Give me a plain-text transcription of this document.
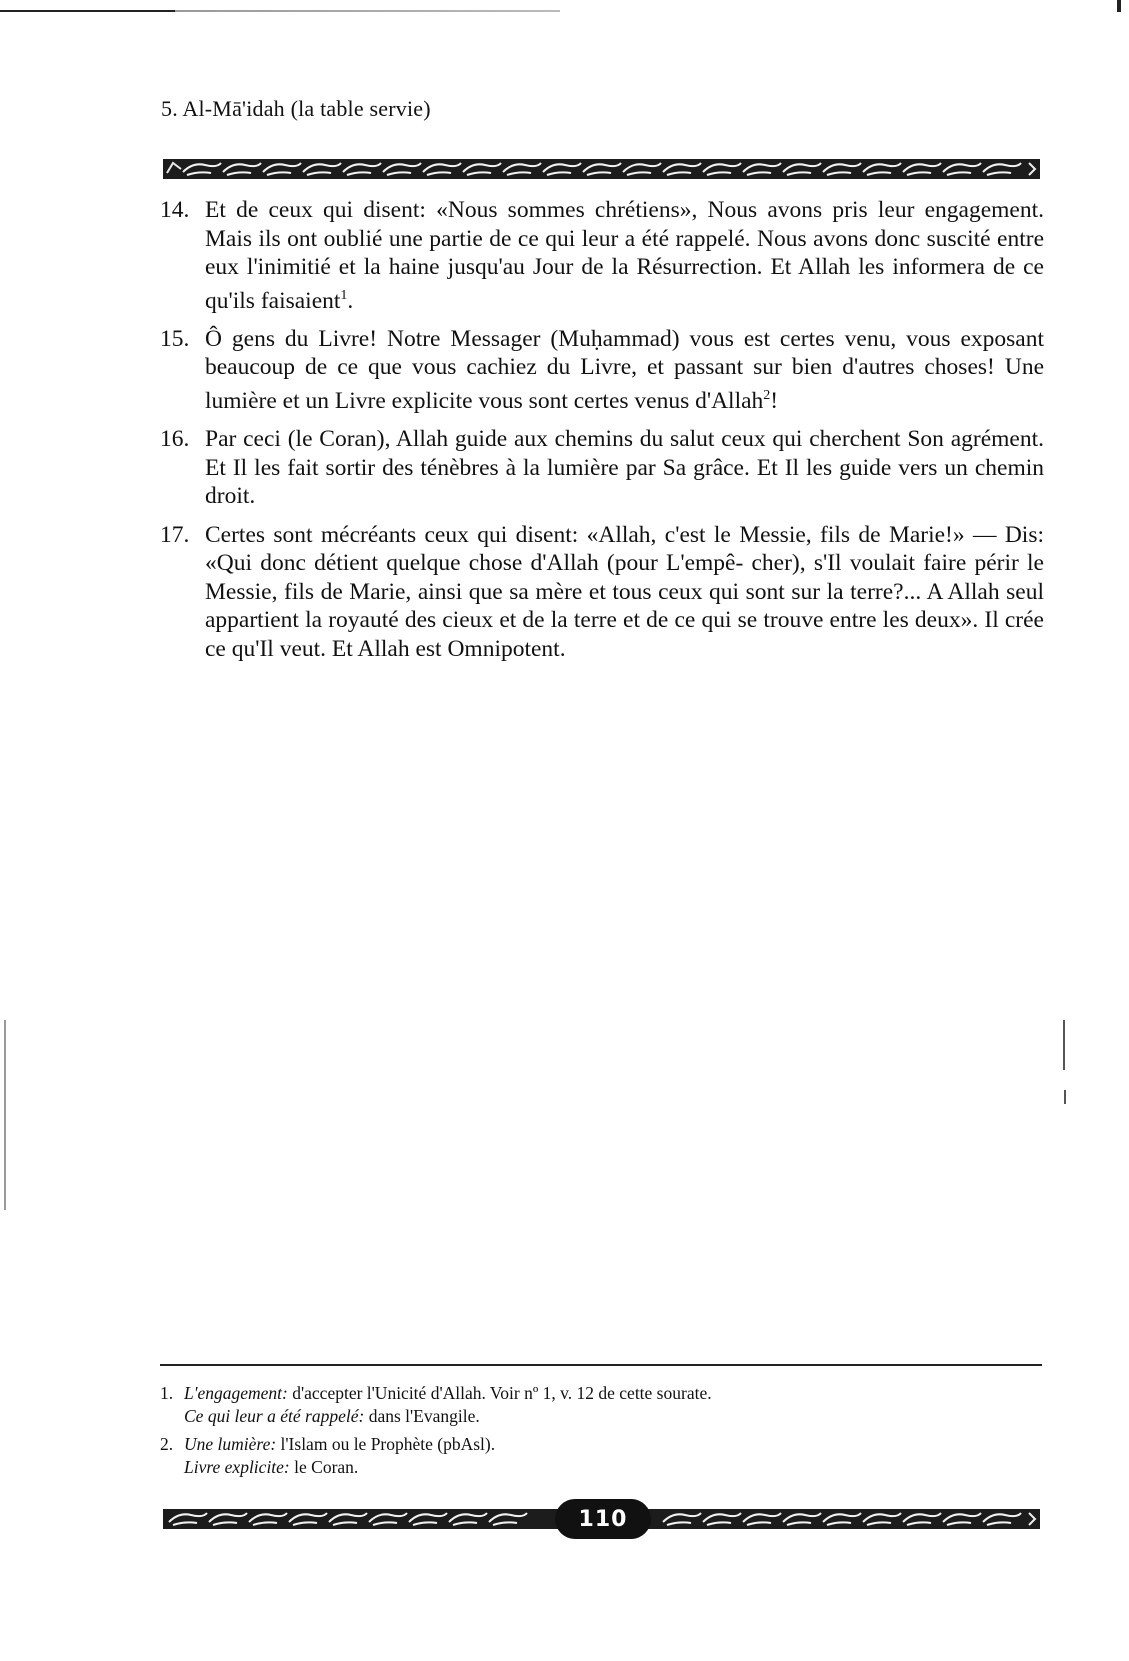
5. Al-Mā'idah (la table servie)
14. Et de ceux qui disent: «Nous sommes chrétiens», Nous avons pris leur engagement. Mais ils ont oublié une partie de ce qui leur a été rappelé. Nous avons donc suscité entre eux l'inimitié et la haine jusqu'au Jour de la Résurrection. Et Allah les informera de ce qu'ils faisaient$^1$.
15. Ô gens du Livre! Notre Messager (Muḥammad) vous est certes venu, vous exposant beaucoup de ce que vous cachiez du Livre, et passant sur bien d'autres choses! Une lumière et un Livre explicite vous sont certes venus d'Allah$^2$!
16. Par ceci (le Coran), Allah guide aux chemins du salut ceux qui cherchent Son agrément. Et Il les fait sortir des ténèbres à la lumière par Sa grâce. Et Il les guide vers un chemin droit.
17. Certes sont mécréants ceux qui disent: «Allah, c'est le Messie, fils de Marie!» — Dis: «Qui donc détient quelque chose d'Allah (pour L'empê- cher), s'Il voulait faire périr le Messie, fils de Marie, ainsi que sa mère et tous ceux qui sont sur la terre?... A Allah seul appartient la royauté des cieux et de la terre et de ce qui se trouve entre les deux». Il crée ce qu'Il veut. Et Allah est Omnipotent.
1. L'engagement: d'accepter l'Unicité d'Allah. Voir nº 1, v. 12 de cette sourate.
Ce qui leur a été rappelé: dans l'Evangile.
2. Une lumière: l'Islam ou le Prophète (pbAsl).
Livre explicite: le Coran.
110
